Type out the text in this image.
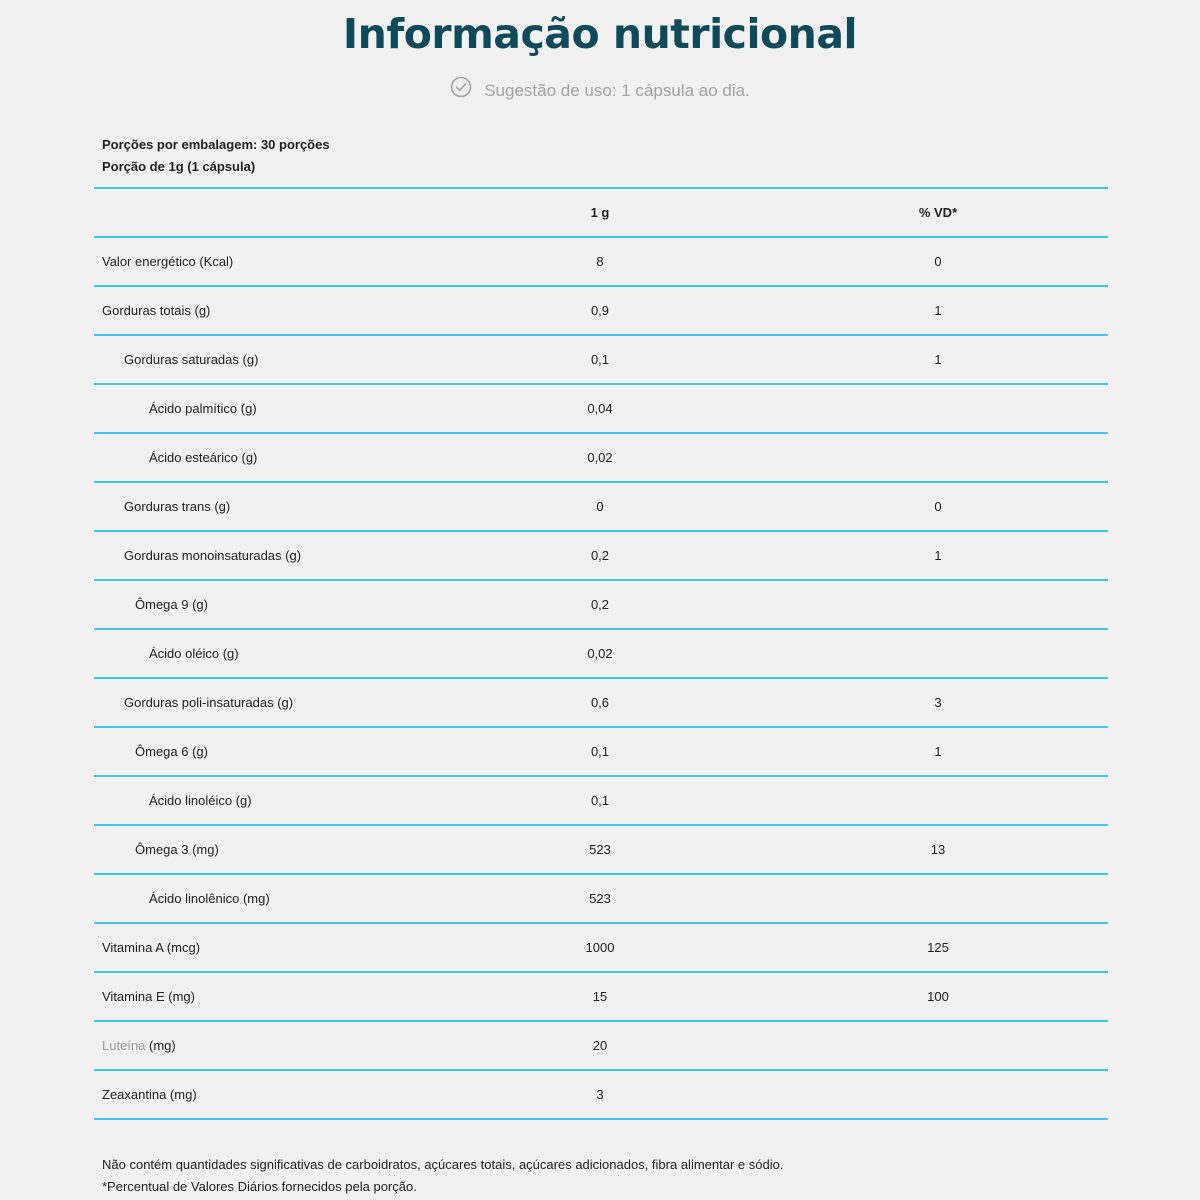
Informação nutricional
Sugestão de uso: 1 cápsula ao dia.
Porções por embalagem: 30 porções
Porção de 1g (1 cápsula)
1 g	% VD*
Valor energético (Kcal)	8	0
Gorduras totais (g)	0,9	1
Gorduras saturadas (g)	0,1	1
Ácido palmítico (g)	0,04
Ácido esteárico (g)	0,02
Gorduras trans (g)	0	0
Gorduras monoinsaturadas (g)	0,2	1
Ômega 9 (g)	0,2
Ácido oléico (g)	0,02
Gorduras poli-insaturadas (g)	0,6	3
Ômega 6 (g)	0,1	1
Ácido linoléico (g)	0,1
Ômega 3 (mg)	523	13
Ácido linolênico (mg)	523
Vitamina A (mcg)	1000	125
Vitamina E (mg)	15	100
Luteína (mg)	20
Zeaxantina (mg)	3
Não contém quantidades significativas de carboidratos, açúcares totais, açúcares adicionados, fibra alimentar e sódio.
*Percentual de Valores Diários fornecidos pela porção.
